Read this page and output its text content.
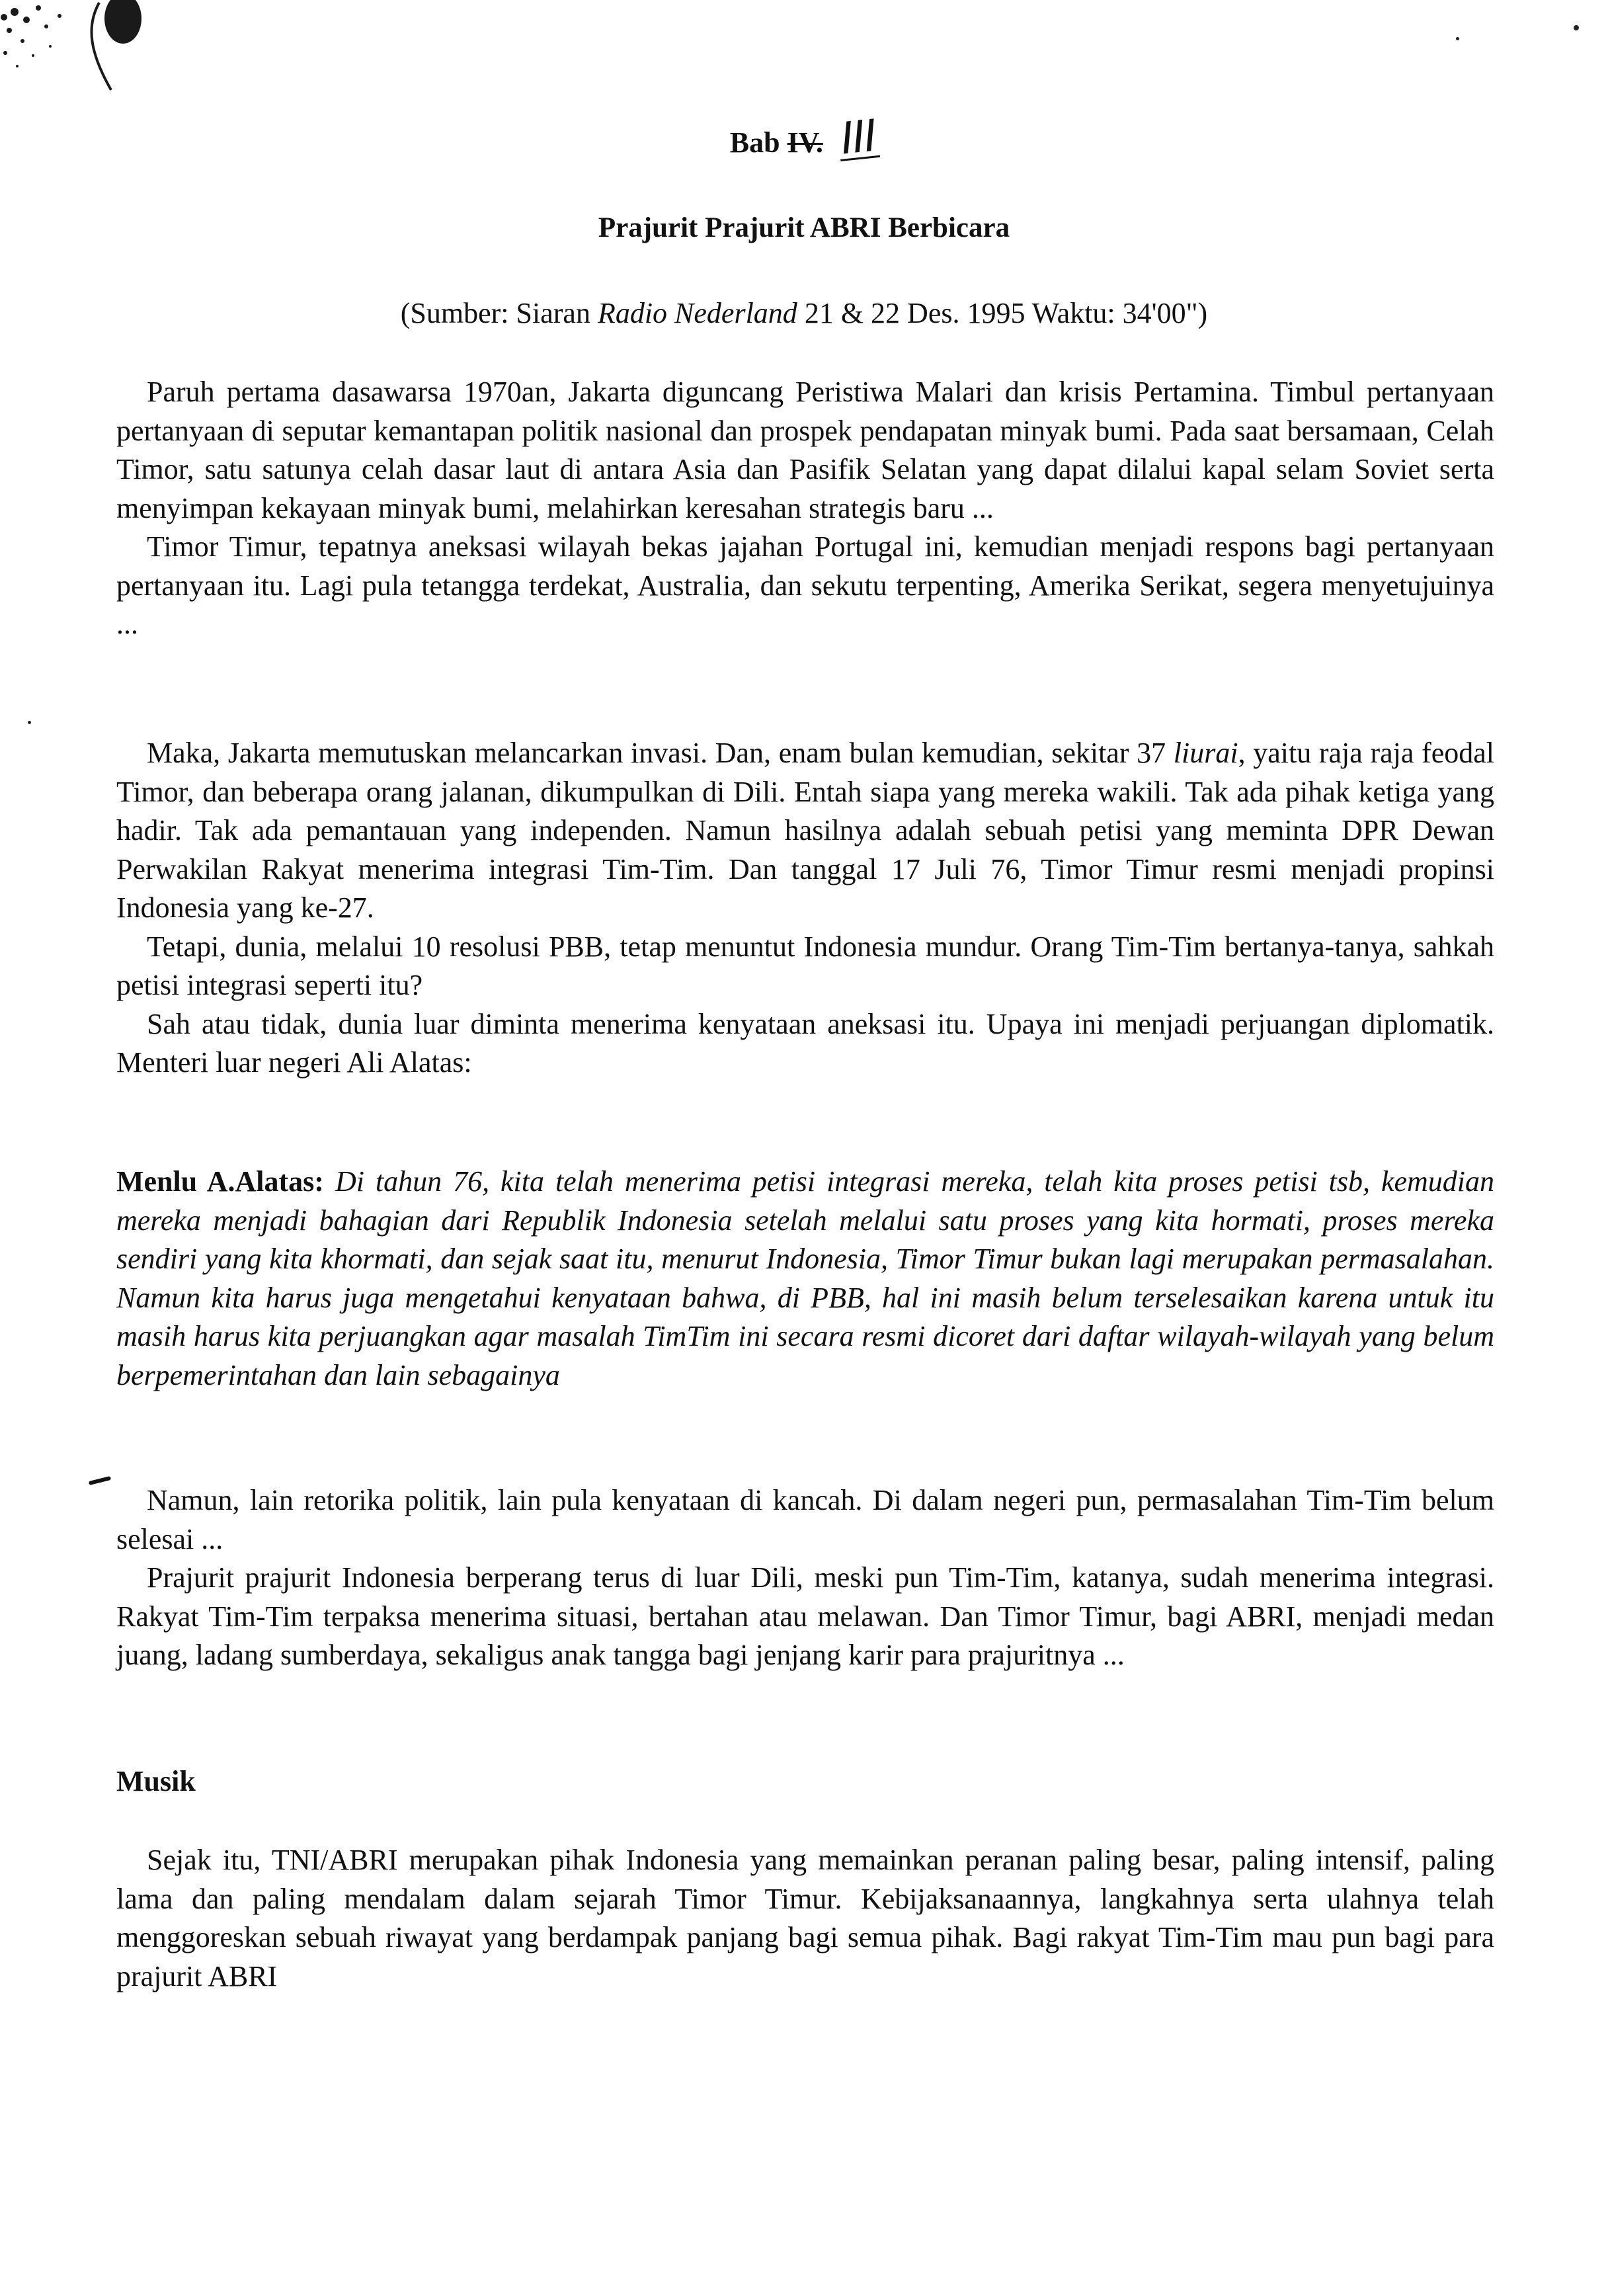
Bab IV. III
Prajurit Prajurit ABRI Berbicara
(Sumber: Siaran Radio Nederland 21 & 22 Des. 1995 Waktu: 34'00")

Paruh pertama dasawarsa 1970an, Jakarta diguncang Peristiwa Malari dan krisis Pertamina. Timbul pertanyaan pertanyaan di seputar kemantapan politik nasional dan prospek pendapatan minyak bumi. Pada saat bersamaan, Celah Timor, satu satunya celah dasar laut di antara Asia dan Pasifik Selatan yang dapat dilalui kapal selam Soviet serta menyimpan kekayaan minyak bumi, melahirkan keresahan strategis baru ...

Timor Timur, tepatnya aneksasi wilayah bekas jajahan Portugal ini, kemudian menjadi respons bagi pertanyaan pertanyaan itu. Lagi pula tetangga terdekat, Australia, dan sekutu terpenting, Amerika Serikat, segera menyetujuinya ...

Maka, Jakarta memutuskan melancarkan invasi. Dan, enam bulan kemudian, sekitar 37 liurai, yaitu raja raja feodal Timor, dan beberapa orang jalanan, dikumpulkan di Dili. Entah siapa yang mereka wakili. Tak ada pihak ketiga yang hadir. Tak ada pemantauan yang independen. Namun hasilnya adalah sebuah petisi yang meminta DPR Dewan Perwakilan Rakyat menerima integrasi Tim-Tim. Dan tanggal 17 Juli 76, Timor Timur resmi menjadi propinsi Indonesia yang ke-27.

Tetapi, dunia, melalui 10 resolusi PBB, tetap menuntut Indonesia mundur. Orang Tim-Tim bertanya-tanya, sahkah petisi integrasi seperti itu?

Sah atau tidak, dunia luar diminta menerima kenyataan aneksasi itu. Upaya ini menjadi perjuangan diplomatik. Menteri luar negeri Ali Alatas:

Menlu A.Alatas: Di tahun 76, kita telah menerima petisi integrasi mereka, telah kita proses petisi tsb, kemudian mereka menjadi bahagian dari Republik Indonesia setelah melalui satu proses yang kita hormati, proses mereka sendiri yang kita khormati, dan sejak saat itu, menurut Indonesia, Timor Timur bukan lagi merupakan permasalahan. Namun kita harus juga mengetahui kenyataan bahwa, di PBB, hal ini masih belum terselesaikan karena untuk itu masih harus kita perjuangkan agar masalah TimTim ini secara resmi dicoret dari daftar wilayah-wilayah yang belum berpemerintahan dan lain sebagainya

Namun, lain retorika politik, lain pula kenyataan di kancah. Di dalam negeri pun, permasalahan Tim-Tim belum selesai ...

Prajurit prajurit Indonesia berperang terus di luar Dili, meski pun Tim-Tim, katanya, sudah menerima integrasi. Rakyat Tim-Tim terpaksa menerima situasi, bertahan atau melawan. Dan Timor Timur, bagi ABRI, menjadi medan juang, ladang sumberdaya, sekaligus anak tangga bagi jenjang karir para prajuritnya ...

Musik

Sejak itu, TNI/ABRI merupakan pihak Indonesia yang memainkan peranan paling besar, paling intensif, paling lama dan paling mendalam dalam sejarah Timor Timur. Kebijaksanaannya, langkahnya serta ulahnya telah menggoreskan sebuah riwayat yang berdampak panjang bagi semua pihak. Bagi rakyat Tim-Tim mau pun bagi para prajurit ABRI
